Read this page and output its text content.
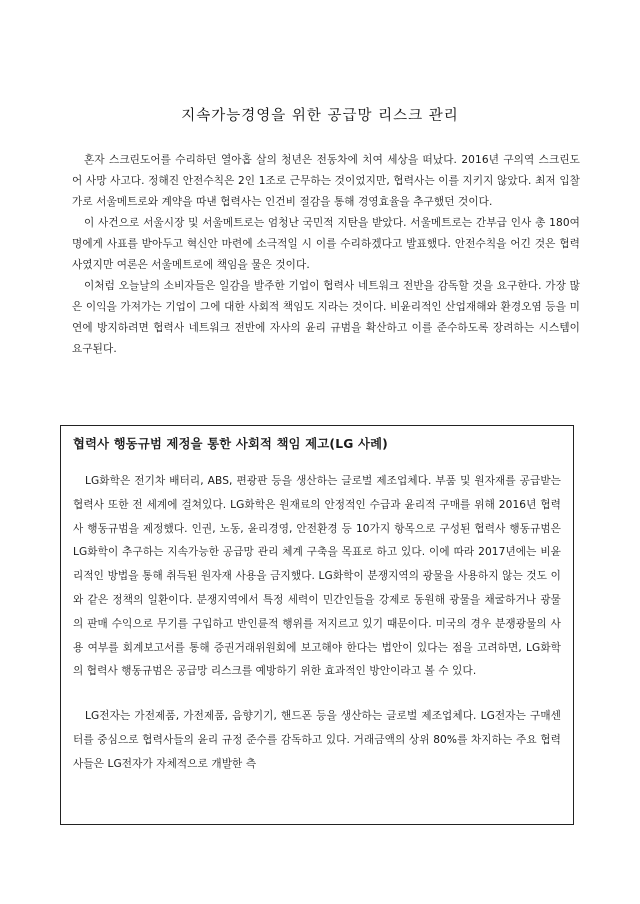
지속가능경영을 위한 공급망 리스크 관리

혼자 스크린도어를 수리하던 열아홉 살의 청년은 전동차에 치여 세상을 떠났다. 2016년 구의역 스크린도어 사망 사고다. 정해진 안전수칙은 2인 1조로 근무하는 것이었지만, 협력사는 이를 지키지 않았다. 최저 입찰가로 서울메트로와 계약을 따낸 협력사는 인건비 절감을 통해 경영효율을 추구했던 것이다.

이 사건으로 서울시장 및 서울메트로는 엄청난 국민적 지탄을 받았다. 서울메트로는 간부급 인사 총 180여 명에게 사표를 받아두고 혁신안 마련에 소극적일 시 이를 수리하겠다고 발표했다. 안전수칙을 어긴 것은 협력사였지만 여론은 서울메트로에 책임을 물은 것이다.

이처럼 오늘날의 소비자들은 일감을 발주한 기업이 협력사 네트워크 전반을 감독할 것을 요구한다. 가장 많은 이익을 가져가는 기업이 그에 대한 사회적 책임도 지라는 것이다. 비윤리적인 산업재해와 환경오염 등을 미연에 방지하려면 협력사 네트워크 전반에 자사의 윤리 규범을 확산하고 이를 준수하도록 장려하는 시스템이 요구된다.

협력사 행동규범 제정을 통한 사회적 책임 제고(LG 사례)

LG화학은 전기차 배터리, ABS, 편광판 등을 생산하는 글로벌 제조업체다. 부품 및 원자재를 공급받는 협력사 또한 전 세계에 걸쳐있다. LG화학은 원재료의 안정적인 수급과 윤리적 구매를 위해 2016년 협력사 행동규범을 제정했다. 인권, 노동, 윤리경영, 안전환경 등 10가지 항목으로 구성된 협력사 행동규범은 LG화학이 추구하는 지속가능한 공급망 관리 체계 구축을 목표로 하고 있다. 이에 따라 2017년에는 비윤리적인 방법을 통해 취득된 원자재 사용을 금지했다. LG화학이 분쟁지역의 광물을 사용하지 않는 것도 이와 같은 정책의 일환이다. 분쟁지역에서 특정 세력이 민간인들을 강제로 동원해 광물을 채굴하거나 광물의 판매 수익으로 무기를 구입하고 반인륜적 행위를 저지르고 있기 때문이다. 미국의 경우 분쟁광물의 사용 여부를 회계보고서를 통해 증권거래위원회에 보고해야 한다는 법안이 있다는 점을 고려하면, LG화학의 협력사 행동규범은 공급망 리스크를 예방하기 위한 효과적인 방안이라고 볼 수 있다.

LG전자는 가전제품, 가전제품, 음향기기, 핸드폰 등을 생산하는 글로벌 제조업체다. LG전자는 구매센터를 중심으로 협력사들의 윤리 규정 준수를 감독하고 있다. 거래금액의 상위 80%를 차지하는 주요 협력사들은 LG전자가 자체적으로 개발한 측
